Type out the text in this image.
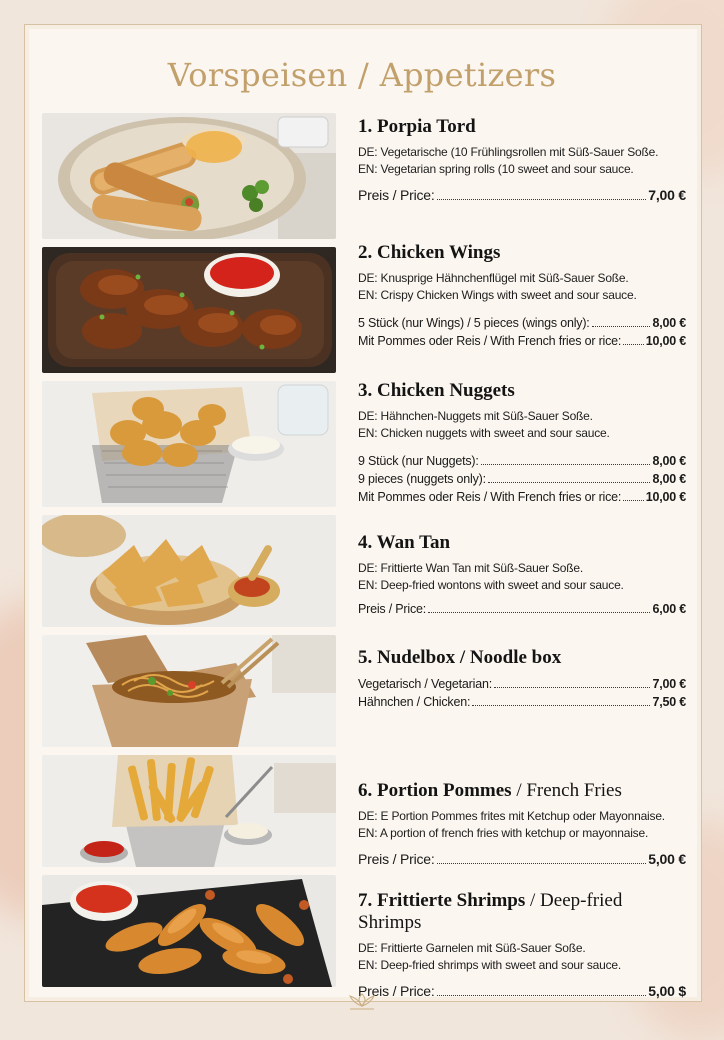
Vorspeisen / Appetizers
1. Porpia Tord
DE: Vegetarische (10 Frühlingsrollen mit Süß-Sauer Soße.
EN: Vegetarian spring rolls (10 sweet and sour sauce.
Preis / Price:	7,00 €
2. Chicken Wings
DE: Knusprige Hähnchenflügel mit Süß-Sauer Soße.
EN: Crispy Chicken Wings with sweet and sour sauce.
5 Stück (nur Wings) / 5 pieces (wings only):	8,00 €
Mit Pommes oder Reis / With French fries or rice: 10,00 €
3. Chicken Nuggets
DE: Hähnchen-Nuggets mit Süß-Sauer Soße.
EN: Chicken nuggets with sweet and sour sauce.
9 Stück (nur Nuggets):	8,00 €
9 pieces (nuggets only):	8,00 €
Mit Pommes oder Reis / With French fries or rice: 10,00 €
4. Wan Tan
DE: Frittierte Wan Tan mit Süß-Sauer Soße.
EN: Deep-fried wontons with sweet and sour sauce.
Preis / Price:	6,00 €
5. Nudelbox / Noodle box
Vegetarisch / Vegetarian:	7,00 €
Hähnchen / Chicken:	7,50 €
6. Portion Pommes / French Fries
DE: E Portion Pommes frites mit Ketchup oder Mayonnaise.
EN: A portion of french fries with ketchup or mayonnaise.
Preis / Price:	5,00 €
7. Frittierte Shrimps / Deep-fried Shrimps
DE: Frittierte Garnelen mit Süß-Sauer Soße.
EN: Deep-fried shrimps with sweet and sour sauce.
Preis / Price:	5,00 $
